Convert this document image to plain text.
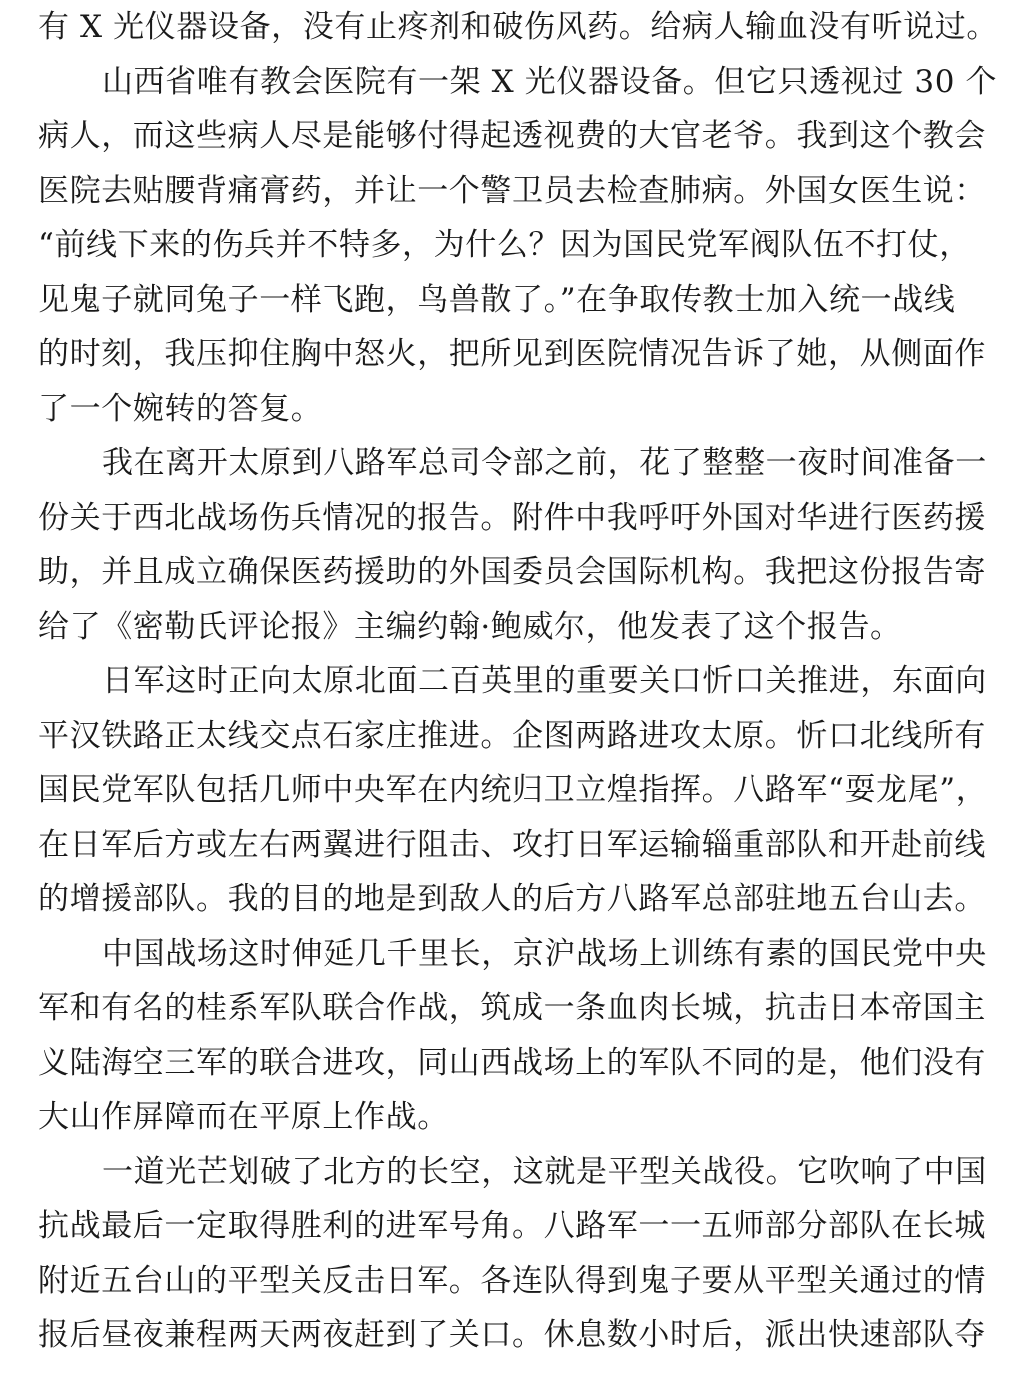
有 X 光仪器设备，没有止疼剂和破伤风药。给病人输血没有听说过。
山西省唯有教会医院有一架 X 光仪器设备。但它只透视过 30 个
病人，而这些病人尽是能够付得起透视费的大官老爷。我到这个教会
医院去贴腰背痛膏药，并让一个警卫员去检查肺病。外国女医生说：
“前线下来的伤兵并不特多，为什么？因为国民党军阀队伍不打仗，
见鬼子就同兔子一样飞跑，鸟兽散了。”在争取传教士加入统一战线
的时刻，我压抑住胸中怒火，把所见到医院情况告诉了她，从侧面作
了一个婉转的答复。
我在离开太原到八路军总司令部之前，花了整整一夜时间准备一
份关于西北战场伤兵情况的报告。附件中我呼吁外国对华进行医药援
助，并且成立确保医药援助的外国委员会国际机构。我把这份报告寄
给了《密勒氏评论报》主编约翰·鲍威尔，他发表了这个报告。
日军这时正向太原北面二百英里的重要关口忻口关推进，东面向
平汉铁路正太线交点石家庄推进。企图两路进攻太原。忻口北线所有
国民党军队包括几师中央军在内统归卫立煌指挥。八路军“耍龙尾”，
在日军后方或左右两翼进行阻击、攻打日军运输辎重部队和开赴前线
的增援部队。我的目的地是到敌人的后方八路军总部驻地五台山去。
中国战场这时伸延几千里长，京沪战场上训练有素的国民党中央
军和有名的桂系军队联合作战，筑成一条血肉长城，抗击日本帝国主
义陆海空三军的联合进攻，同山西战场上的军队不同的是，他们没有
大山作屏障而在平原上作战。
一道光芒划破了北方的长空，这就是平型关战役。它吹响了中国
抗战最后一定取得胜利的进军号角。八路军一一五师部分部队在长城
附近五台山的平型关反击日军。各连队得到鬼子要从平型关通过的情
报后昼夜兼程两天两夜赶到了关口。休息数小时后，派出快速部队夺
